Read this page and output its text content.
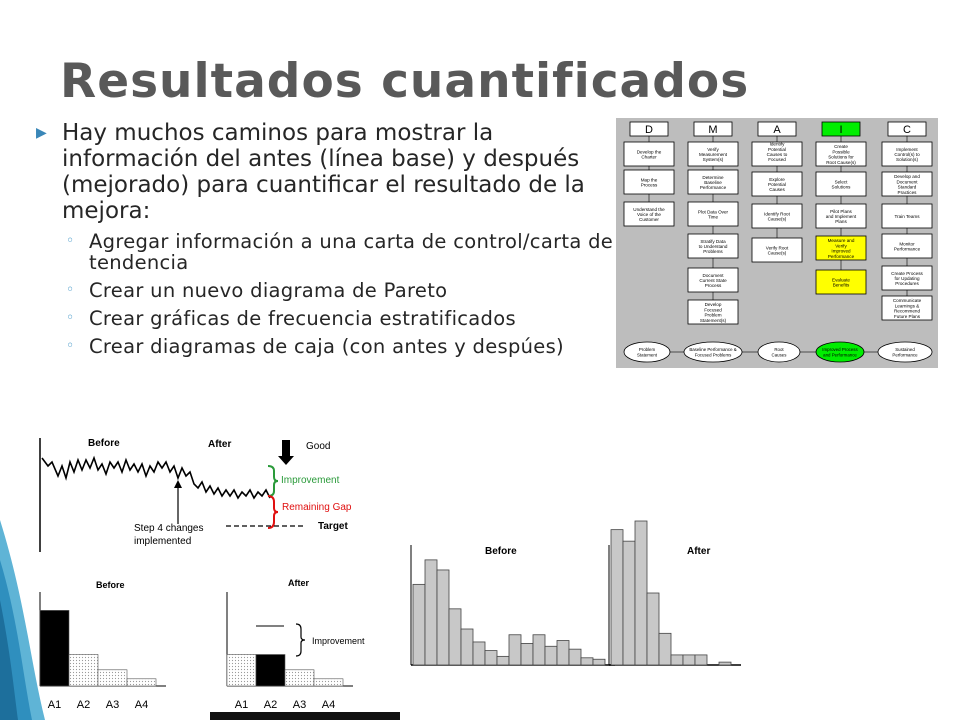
Resultados cuantificados
▶ Hay muchos caminos para mostrar la información del antes (línea base) y después (mejorado) para cuantificar el resultado de la mejora:
◦ Agregar información a una carta de control/carta de tendencia
◦ Crear un nuevo diagrama de Pareto
◦ Crear gráficas de frecuencia estratificados
◦ Crear diagramas de caja (con antes y despúes)
D	M	A	I	C
Develop the
Charter
Map the
Process
Understand the
Voice of the
Customer
Verify
Measurement
System(s)
Determine
Baseline
Performance
Plot Data Over
Time
Stratify Data
to Understand
Problems
Document
Current State
Process
Develop
Focused
Problem
Statement(s)
Identify
Potential
Causes to
Focused
Explore
Potential
Causes
Identify Root
Cause(s)
Verify Root
Cause(s)
Create
Possible
Solutions for
Root Cause(s)
Select
Solutions
Pilot Plans
and Implement
Plans
Measure and
Verify
Improved
Performance
Evaluate
Benefits
Implement
Control(s) to
Solution(s)
Develop and
Document
Standard
Practices
Train Teams
Monitor
Performance
Create Process
for Updating
Procedures
Communicate
Learnings &
Recommend
Future Plans
Problem
Statement
Baseline Performance &
Focused Problems
Root
Causes
Improved Process
and Performance
Sustained
Performance
Before	After	Good
Improvement
Remaining Gap
Target
Step 4 changes
implemented
Before	After
A1 A2 A3 A4	A1 A2 A3 A4
Improvement
Before	After
